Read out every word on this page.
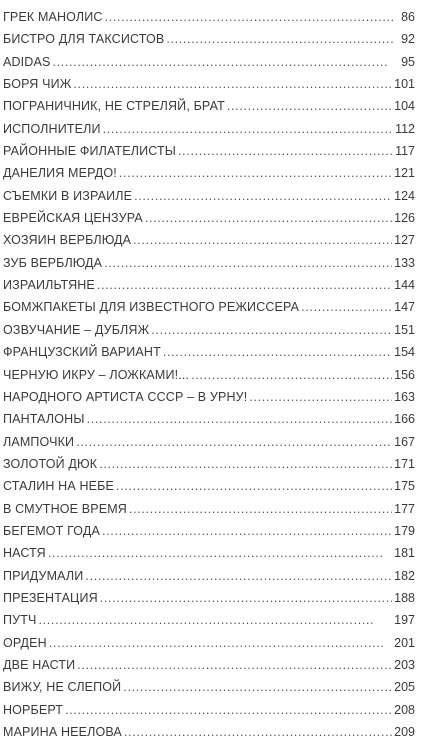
ГРЕК МАНОЛИС . . .	86
БИСТРО ДЛЯ ТАКСИСТОВ . . .	92
ADIDAS . . .	95
БОРЯ ЧИЖ . . .	101
ПОГРАНИЧНИК, НЕ СТРЕЛЯЙ, БРАТ . . .	104
ИСПОЛНИТЕЛИ . . .	112
РАЙОННЫЕ ФИЛАТЕЛИСТЫ . . .	117
ДАНЕЛИЯ МЕРДО! . . .	121
СЪЕМКИ В ИЗРАИЛЕ . . .	124
ЕВРЕЙСКАЯ ЦЕНЗУРА . . .	126
ХОЗЯИН ВЕРБЛЮДА . . .	127
ЗУБ ВЕРБЛЮДА . . .	133
ИЗРАИЛЬТЯНЕ . . .	144
БОМЖПАКЕТЫ ДЛЯ ИЗВЕСТНОГО РЕЖИССЕРА . . .	147
ОЗВУЧАНИЕ – ДУБЛЯЖ . . .	151
ФРАНЦУЗСКИЙ ВАРИАНТ . . .	154
ЧЕРНУЮ ИКРУ – ЛОЖКАМИ!... . . .	156
НАРОДНОГО АРТИСТА СССР – В УРНУ! . . .	163
ПАНТАЛОНЫ . . .	166
ЛАМПОЧКИ . . .	167
ЗОЛОТОЙ ДЮК . . .	171
СТАЛИН НА НЕБЕ . . .	175
В СМУТНОЕ ВРЕМЯ . . .	177
БЕГЕМОТ ГОДА . . .	179
НАСТЯ . . .	181
ПРИДУМАЛИ . . .	182
ПРЕЗЕНТАЦИЯ . . .	188
ПУТЧ . . .	197
ОРДЕН . . .	201
ДВЕ НАСТИ . . .	203
ВИЖУ, НЕ СЛЕПОЙ . . .	205
НОРБЕРТ . . .	208
МАРИНА НЕЕЛОВА . . .	209
